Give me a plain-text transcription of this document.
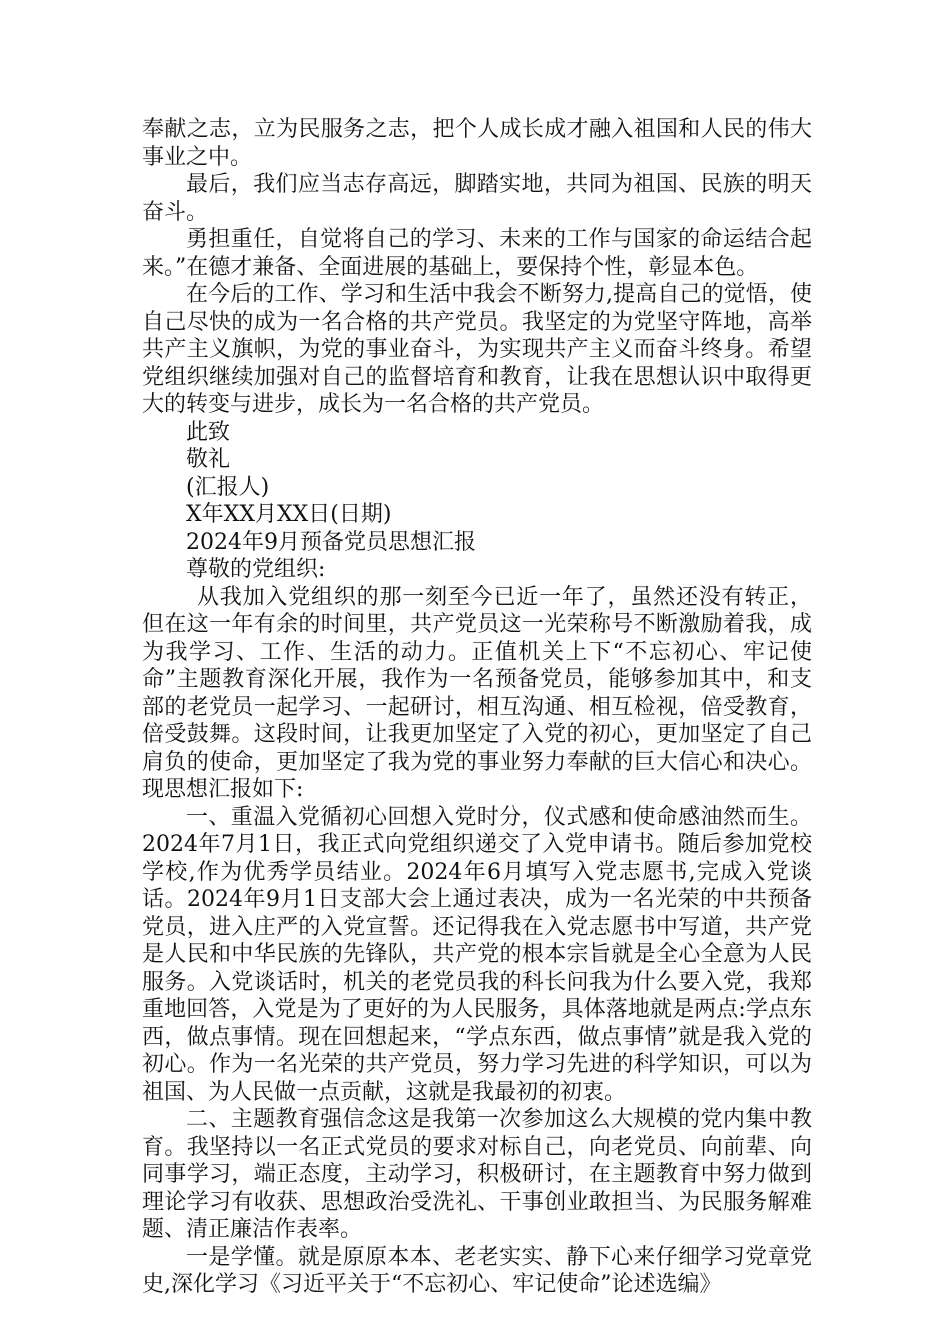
奉献之志，立为民服务之志，把个人成长成才融入祖国和人民的伟大事业之中。

最后，我们应当志存高远，脚踏实地，共同为祖国、民族的明天奋斗。

勇担重任，自觉将自己的学习、未来的工作与国家的命运结合起来。”在德才兼备、全面进展的基础上，要保持个性，彰显本色。

在今后的工作、学习和生活中我会不断努力,提高自己的觉悟，使自己尽快的成为一名合格的共产党员。我坚定的为党坚守阵地，高举共产主义旗帜，为党的事业奋斗，为实现共产主义而奋斗终身。希望党组织继续加强对自己的监督培育和教育，让我在思想认识中取得更大的转变与进步，成长为一名合格的共产党员。

此致

敬礼

(汇报人)

X年XX月XX日(日期)

2024年9月预备党员思想汇报

尊敬的党组织:

从我加入党组织的那一刻至今已近一年了，虽然还没有转正，但在这一年有余的时间里，共产党员这一光荣称号不断激励着我，成为我学习、工作、生活的动力。正值机关上下“不忘初心、牢记使命”主题教育深化开展，我作为一名预备党员，能够参加其中，和支部的老党员一起学习、一起研讨，相互沟通、相互检视，倍受教育，倍受鼓舞。这段时间，让我更加坚定了入党的初心，更加坚定了自己肩负的使命，更加坚定了我为党的事业努力奉献的巨大信心和决心。现思想汇报如下:

一、重温入党循初心回想入党时分，仪式感和使命感油然而生。2024年7月1日，我正式向党组织递交了入党申请书。随后参加党校学校,作为优秀学员结业。2024年6月填写入党志愿书,完成入党谈话。2024年9月1日支部大会上通过表决，成为一名光荣的中共预备党员，进入庄严的入党宣誓。还记得我在入党志愿书中写道，共产党是人民和中华民族的先锋队，共产党的根本宗旨就是全心全意为人民服务。入党谈话时，机关的老党员我的科长问我为什么要入党，我郑重地回答，入党是为了更好的为人民服务，具体落地就是两点:学点东西，做点事情。现在回想起来，“学点东西，做点事情”就是我入党的初心。作为一名光荣的共产党员，努力学习先进的科学知识，可以为祖国、为人民做一点贡献，这就是我最初的初衷。

二、主题教育强信念这是我第一次参加这么大规模的党内集中教育。我坚持以一名正式党员的要求对标自己，向老党员、向前辈、向同事学习，端正态度，主动学习，积极研讨，在主题教育中努力做到理论学习有收获、思想政治受洗礼、干事创业敢担当、为民服务解难题、清正廉洁作表率。

一是学懂。就是原原本本、老老实实、静下心来仔细学习党章党史,深化学习《习近平关于“不忘初心、牢记使命”论述选编》
